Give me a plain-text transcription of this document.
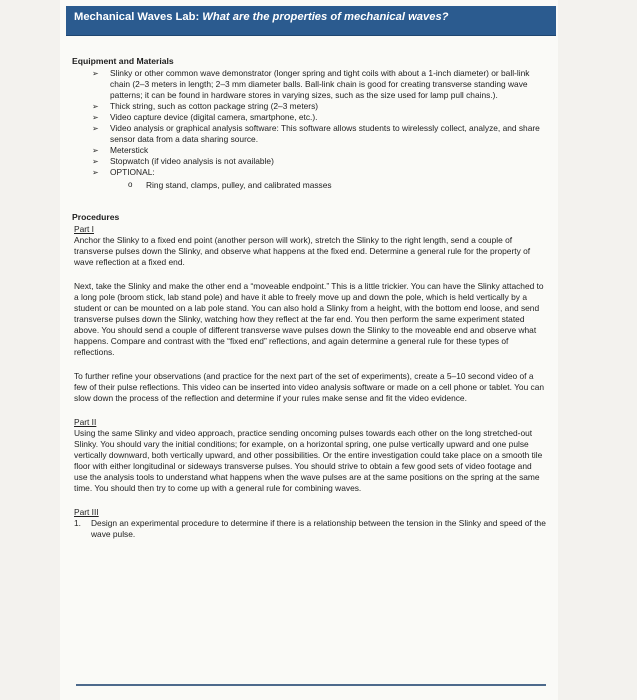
Mechanical Waves Lab: What are the properties of mechanical waves?
Equipment and Materials
➢ Slinky or other common wave demonstrator (longer spring and tight coils with about a 1-inch diameter) or ball-link chain (2–3 meters in length; 2–3 mm diameter balls. Ball-link chain is good for creating transverse standing wave patterns; it can be found in hardware stores in varying sizes, such as the size used for lamp pull chains.).
➢ Thick string, such as cotton package string (2–3 meters)
➢ Video capture device (digital camera, smartphone, etc.).
➢ Video analysis or graphical analysis software: This software allows students to wirelessly collect, analyze, and share sensor data from a data sharing source.
➢ Meterstick
➢ Stopwatch (if video analysis is not available)
➢ OPTIONAL:
o Ring stand, clamps, pulley, and calibrated masses
Procedures
Part I

Anchor the Slinky to a fixed end point (another person will work), stretch the Slinky to the right length, send a couple of transverse pulses down the Slinky, and observe what happens at the fixed end. Determine a general rule for the property of wave reflection at a fixed end.

Next, take the Slinky and make the other end a “moveable endpoint.” This is a little trickier. You can have the Slinky attached to a long pole (broom stick, lab stand pole) and have it able to freely move up and down the pole, which is held vertically by a student or can be mounted on a lab pole stand. You can also hold a Slinky from a height, with the bottom end loose, and send transverse pulses down the Slinky, watching how they reflect at the far end. You then perform the same experiment stated above. You should send a couple of different transverse wave pulses down the Slinky to the moveable end and observe what happens. Compare and contrast with the “fixed end” reflections, and again determine a general rule for these types of reflections.

To further refine your observations (and practice for the next part of the set of experiments), create a 5–10 second video of a few of their pulse reflections. This video can be inserted into video analysis software or made on a cell phone or tablet. You can slow down the process of the reflection and determine if your rules make sense and fit the video evidence.

Part II

Using the same Slinky and video approach, practice sending oncoming pulses towards each other on the long stretched-out Slinky. You should vary the initial conditions; for example, on a horizontal spring, one pulse vertically upward and one pulse vertically downward, both vertically upward, and other possibilities. Or the entire investigation could take place on a smooth tile floor with either longitudinal or sideways transverse pulses. You should strive to obtain a few good sets of video footage and use the analysis tools to understand what happens when the wave pulses are at the same positions on the spring at the same time. You should then try to come up with a general rule for combining waves.

Part III
1. Design an experimental procedure to determine if there is a relationship between the tension in the Slinky and speed of the wave pulse.
